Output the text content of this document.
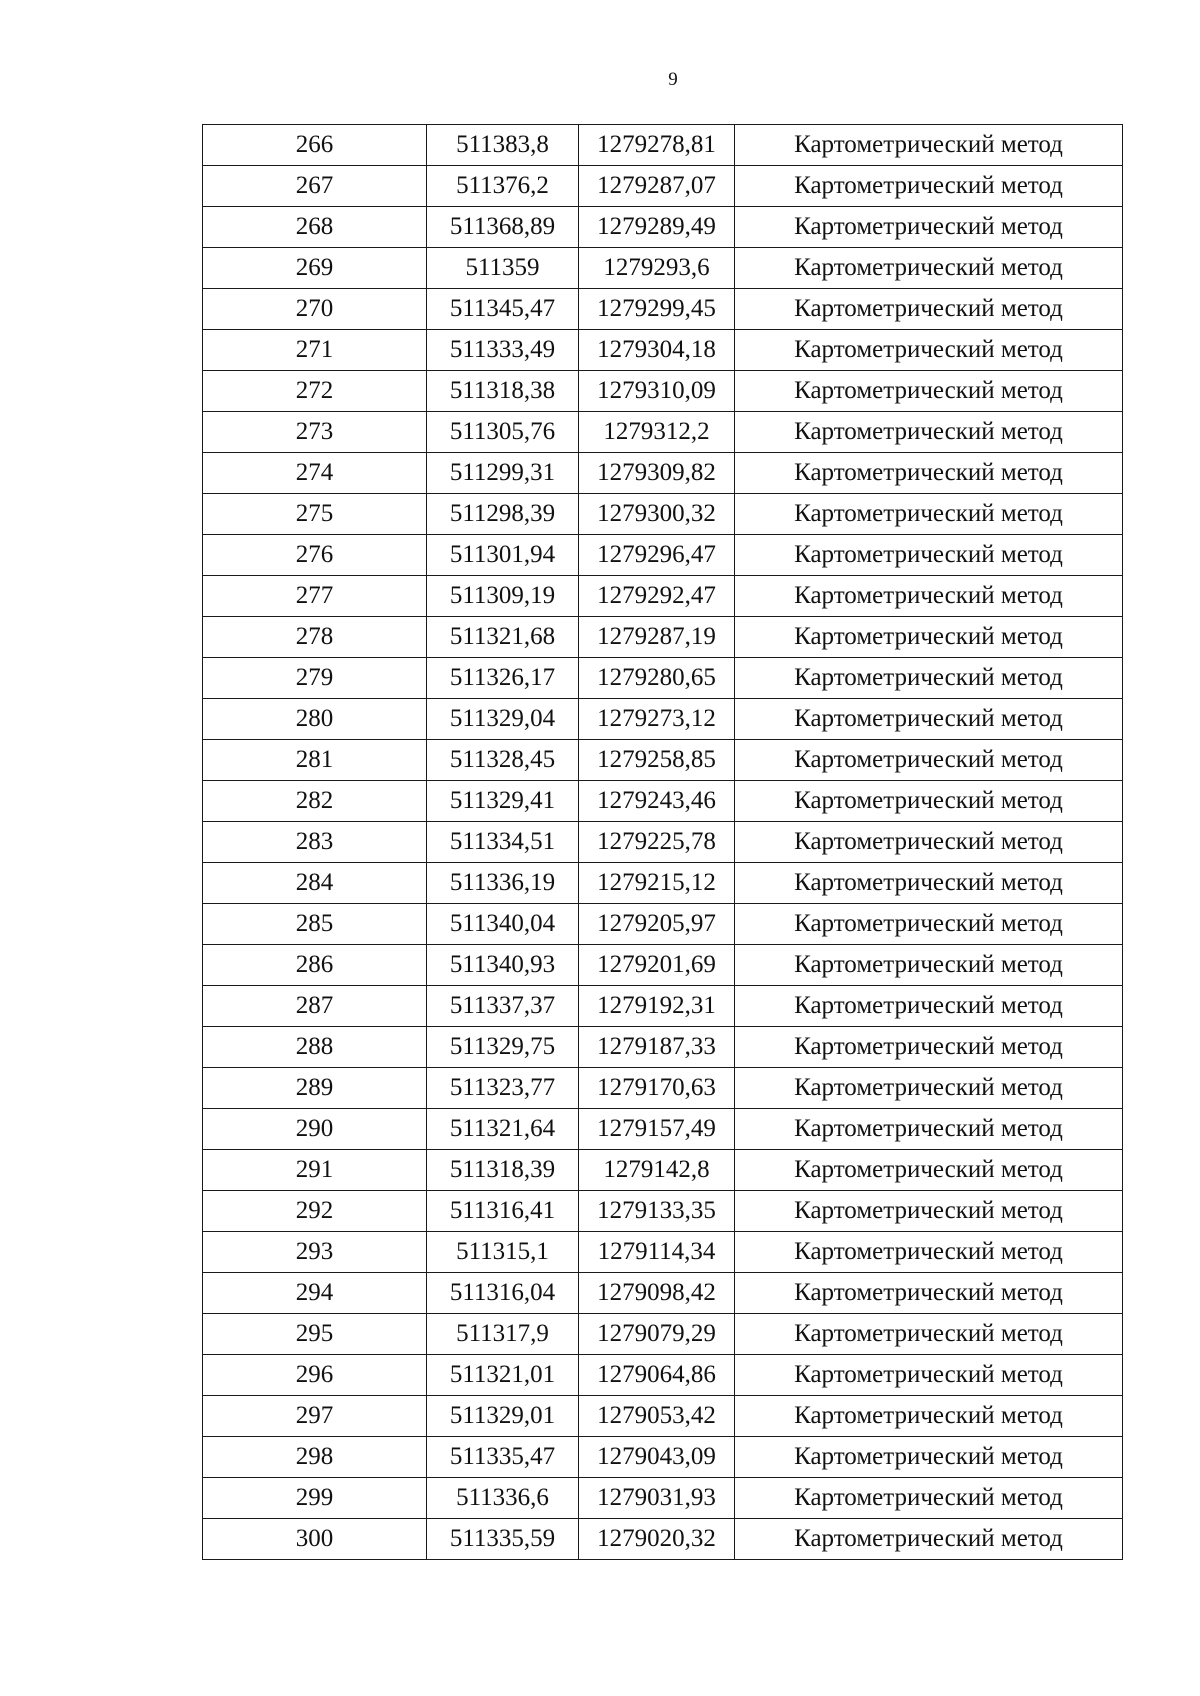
9
266	511383,8	1279278,81	Картометрический метод
267	511376,2	1279287,07	Картометрический метод
268	511368,89	1279289,49	Картометрический метод
269	511359	1279293,6	Картометрический метод
270	511345,47	1279299,45	Картометрический метод
271	511333,49	1279304,18	Картометрический метод
272	511318,38	1279310,09	Картометрический метод
273	511305,76	1279312,2	Картометрический метод
274	511299,31	1279309,82	Картометрический метод
275	511298,39	1279300,32	Картометрический метод
276	511301,94	1279296,47	Картометрический метод
277	511309,19	1279292,47	Картометрический метод
278	511321,68	1279287,19	Картометрический метод
279	511326,17	1279280,65	Картометрический метод
280	511329,04	1279273,12	Картометрический метод
281	511328,45	1279258,85	Картометрический метод
282	511329,41	1279243,46	Картометрический метод
283	511334,51	1279225,78	Картометрический метод
284	511336,19	1279215,12	Картометрический метод
285	511340,04	1279205,97	Картометрический метод
286	511340,93	1279201,69	Картометрический метод
287	511337,37	1279192,31	Картометрический метод
288	511329,75	1279187,33	Картометрический метод
289	511323,77	1279170,63	Картометрический метод
290	511321,64	1279157,49	Картометрический метод
291	511318,39	1279142,8	Картометрический метод
292	511316,41	1279133,35	Картометрический метод
293	511315,1	1279114,34	Картометрический метод
294	511316,04	1279098,42	Картометрический метод
295	511317,9	1279079,29	Картометрический метод
296	511321,01	1279064,86	Картометрический метод
297	511329,01	1279053,42	Картометрический метод
298	511335,47	1279043,09	Картометрический метод
299	511336,6	1279031,93	Картометрический метод
300	511335,59	1279020,32	Картометрический метод
